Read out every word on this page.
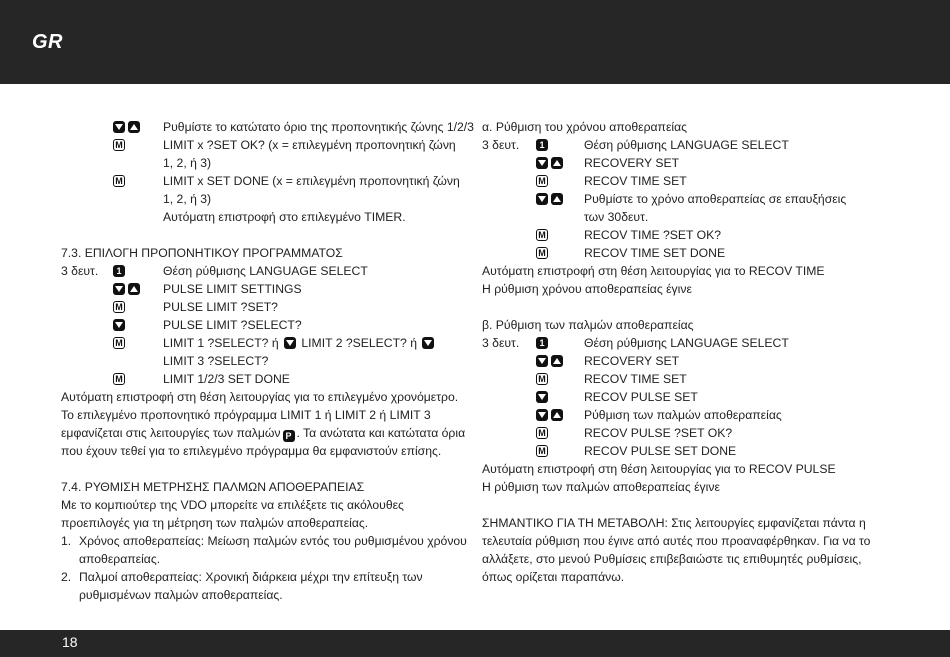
GR
Ρυθμίστε το κατώτατο όριο της προπονητικής ζώνης 1/2/3
M	LIMIT x ?SET OK? (x = επιλεγμένη προπονητική ζώνη
1, 2, ή 3)
M	LIMIT x SET DONE (x = επιλεγμένη προπονητική ζώνη
1, 2, ή 3)
Αυτόματη επιστροφή στο επιλεγμένο TIMER.
7.3. ΕΠΙΛΟΓΗ ΠΡΟΠΟΝΗΤΙΚΟΥ ΠΡΟΓΡΑΜΜΑΤΟΣ
3 δευτ.	1	Θέση ρύθμισης LANGUAGE SELECT
PULSE LIMIT SETTINGS
M	PULSE LIMIT ?SET?
PULSE LIMIT ?SELECT?
M	LIMIT 1 ?SELECT? ή LIMIT 2 ?SELECT? ή
LIMIT 3 ?SELECT?
M	LIMIT 1/2/3 SET DONE
Αυτόματη επιστροφή στη θέση λειτουργίας για το επιλεγμένο χρονόμετρο.
Το επιλεγμένο προπονητικό πρόγραμμα LIMIT 1 ή LIMIT 2 ή LIMIT 3
εμφανίζεται στις λειτουργίες των παλμών P . Τα ανώτατα και κατώτατα όρια
που έχουν τεθεί για το επιλεγμένο πρόγραμμα θα εμφανιστούν επίσης.
7.4. ΡΥΘΜΙΣΗ ΜΕΤΡΗΣΗΣ ΠΑΛΜΩΝ ΑΠΟΘΕΡΑΠΕΙΑΣ
Με το κομπιούτερ της VDO μπορείτε να επιλέξετε τις ακόλουθες
προεπιλογές για τη μέτρηση των παλμών αποθεραπείας.
1. Χρόνος αποθεραπείας: Μείωση παλμών εντός του ρυθμισμένου χρόνου
αποθεραπείας.
2. Παλμοί αποθεραπείας: Χρονική διάρκεια μέχρι την επίτευξη των
ρυθμισμένων παλμών αποθεραπείας.
α. Ρύθμιση του χρόνου αποθεραπείας
3 δευτ.	1	Θέση ρύθμισης LANGUAGE SELECT
RECOVERY SET
M	RECOV TIME SET
Ρυθμίστε το χρόνο αποθεραπείας σε επαυξήσεις
των 30δευτ.
M	RECOV TIME ?SET OK?
M	RECOV TIME SET DONE
Αυτόματη επιστροφή στη θέση λειτουργίας για το RECOV TIME
Η ρύθμιση χρόνου αποθεραπείας έγινε
β. Ρύθμιση των παλμών αποθεραπείας
3 δευτ.	1	Θέση ρύθμισης LANGUAGE SELECT
RECOVERY SET
M	RECOV TIME SET
RECOV PULSE SET
Ρύθμιση των παλμών αποθεραπείας
M	RECOV PULSE ?SET OK?
M	RECOV PULSE SET DONE
Αυτόματη επιστροφή στη θέση λειτουργίας για το RECOV PULSE
Η ρύθμιση των παλμών αποθεραπείας έγινε
ΣΗΜΑΝΤΙΚΟ ΓΙΑ ΤΗ ΜΕΤΑΒΟΛΗ: Στις λειτουργίες εμφανίζεται πάντα η
τελευταία ρύθμιση που έγινε από αυτές που προαναφέρθηκαν. Για να το
αλλάξετε, στο μενού Ρυθμίσεις επιβεβαιώστε τις επιθυμητές ρυθμίσεις,
όπως ορίζεται παραπάνω.
18
